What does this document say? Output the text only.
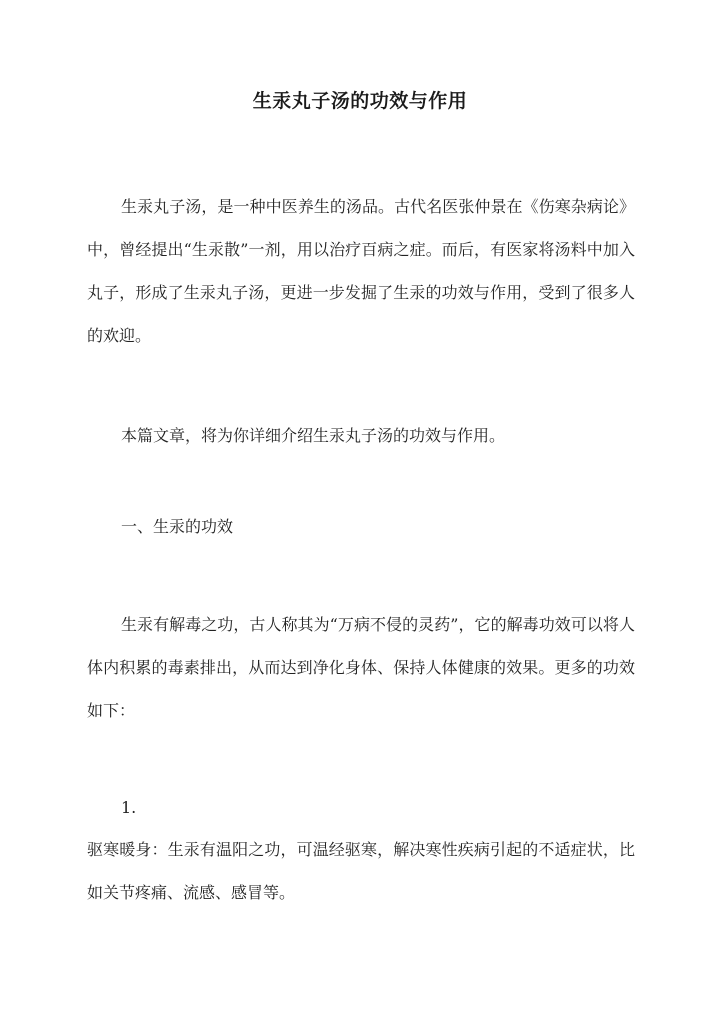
生汞丸子汤的功效与作用

生汞丸子汤，是一种中医养生的汤品。古代名医张仲景在《伤寒杂病论》中，曾经提出“生汞散”一剂，用以治疗百病之症。而后，有医家将汤料中加入丸子，形成了生汞丸子汤，更进一步发掘了生汞的功效与作用，受到了很多人的欢迎。

本篇文章，将为你详细介绍生汞丸子汤的功效与作用。

一、生汞的功效

生汞有解毒之功，古人称其为“万病不侵的灵药”，它的解毒功效可以将人体内积累的毒素排出，从而达到净化身体、保持人体健康的效果。更多的功效如下：

1.

驱寒暖身：生汞有温阳之功，可温经驱寒，解决寒性疾病引起的不适症状，比如关节疼痛、流感、感冒等。
